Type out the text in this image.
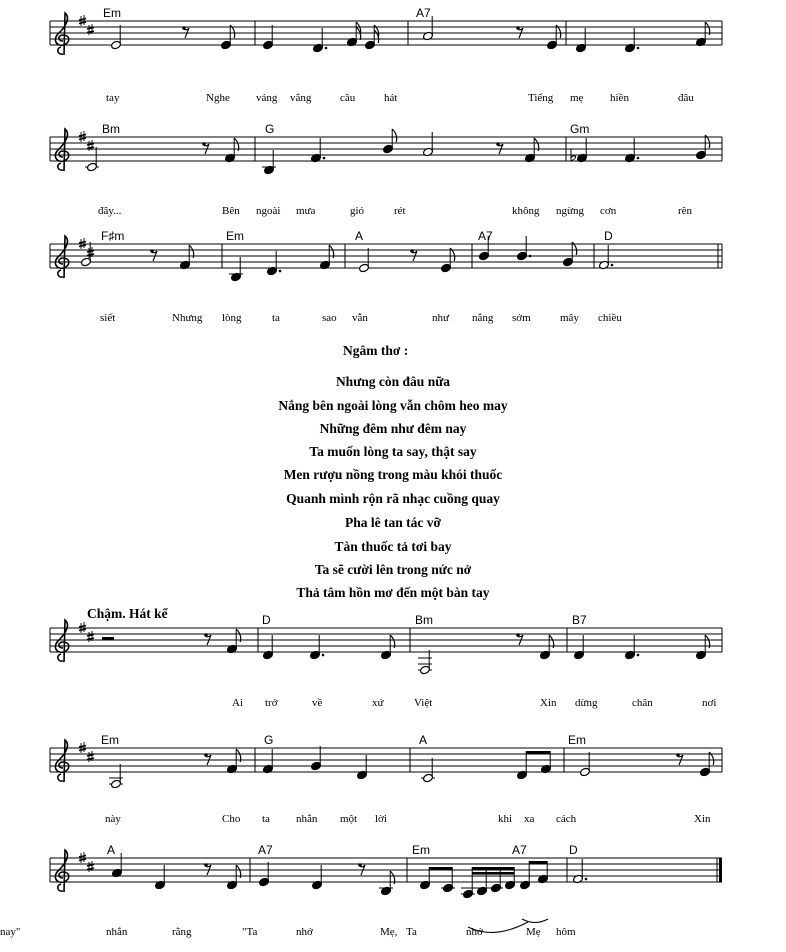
Em	A7
tay	Nghe vảng vẳng	câu	hát	Tiếng mẹ hiền	đâu
Bm	G	Gm
đây...	Bên ngoài mưa	gió	rét	không ngừng cơn	rên
F♯m	Em	A	A7	D
siết	Nhưng lòng	ta	sao vẫn	như nắng sớm	mây chiều
D	Bm	B7
Ai trở	về	xứ	Việt	Xin dừng	chân	nơi
Em	G	A	Em
này	Cho ta nhắn một lời	khi xa cách	Xin
A	A7	Em	A7	D
nhắn	rằng	"Ta	nhớ	Mẹ, Ta	nhớ	Mẹ hôm
nay"
Ngâm thơ :
Nhưng còn đâu nữa
Nắng bên ngoài lòng vẫn chôm heo may
Những đêm như đêm nay
Ta muốn lòng ta say, thật say
Men rượu nồng trong màu khói thuốc
Quanh mình rộn rã nhạc cuồng quay
Pha lê tan tác vỡ
Tàn thuốc tả tơi bay
Ta sẽ cười lên trong nức nở
Thả tâm hồn mơ đến một bàn tay
Chậm. Hát kể
